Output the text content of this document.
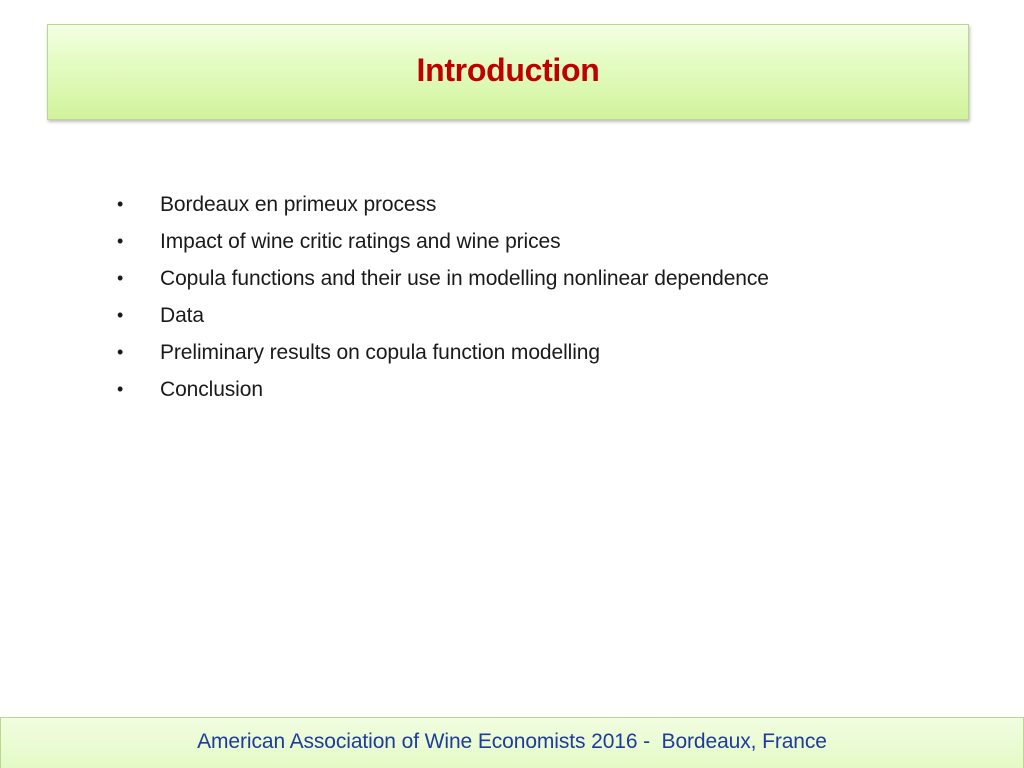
Introduction
•	Bordeaux en primeux process
•	Impact of wine critic ratings and wine prices
•	Copula functions and their use in modelling nonlinear dependence
•	Data
•	Preliminary results on copula function modelling
•	Conclusion
American Association of Wine Economists 2016 -  Bordeaux, France
